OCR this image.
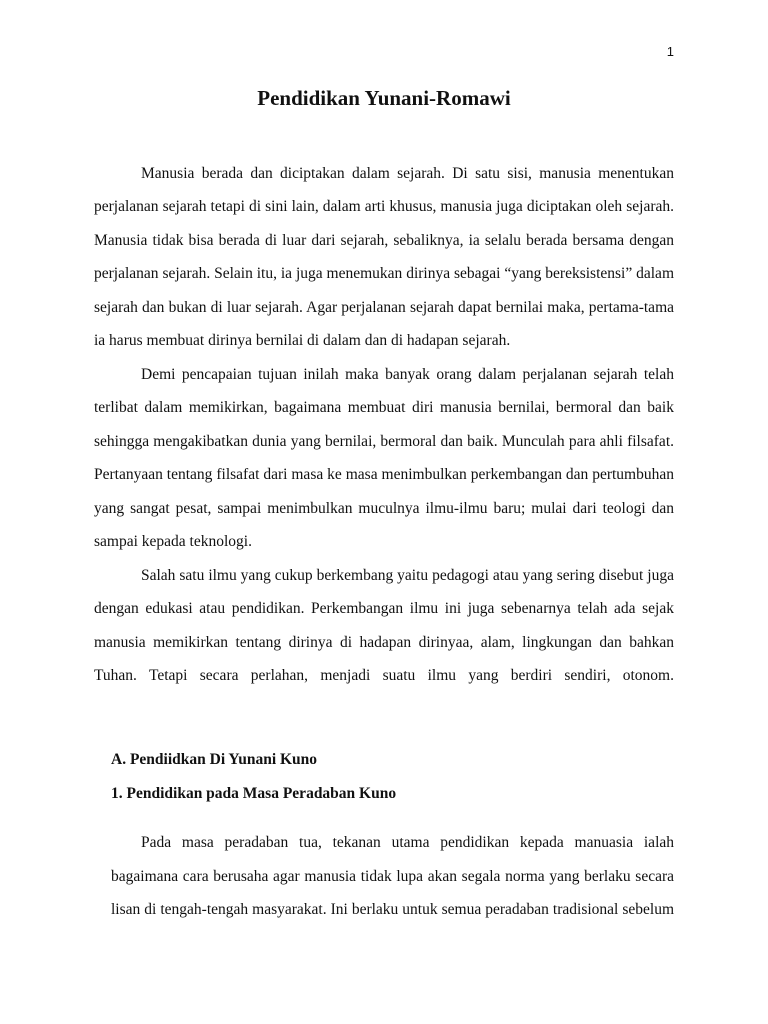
1
Pendidikan Yunani-Romawi
Manusia berada dan diciptakan dalam sejarah. Di satu sisi, manusia menentukan
perjalanan sejarah tetapi di sini lain, dalam arti khusus, manusia juga diciptakan oleh sejarah.
Manusia tidak bisa berada di luar dari sejarah, sebaliknya, ia selalu berada bersama dengan
perjalanan sejarah. Selain itu, ia juga menemukan dirinya sebagai “yang bereksistensi” dalam
sejarah dan bukan di luar sejarah. Agar perjalanan sejarah dapat bernilai maka, pertama-tama
ia harus membuat dirinya bernilai di dalam dan di hadapan sejarah.
Demi pencapaian tujuan inilah maka banyak orang dalam perjalanan sejarah telah
terlibat dalam memikirkan, bagaimana membuat diri manusia bernilai, bermoral dan baik
sehingga mengakibatkan dunia yang bernilai, bermoral dan baik. Munculah para ahli filsafat.
Pertanyaan tentang filsafat dari masa ke masa menimbulkan perkembangan dan pertumbuhan
yang sangat pesat, sampai menimbulkan muculnya ilmu-ilmu baru; mulai dari teologi dan
sampai kepada teknologi.
Salah satu ilmu yang cukup berkembang yaitu pedagogi atau yang sering disebut juga
dengan edukasi atau pendidikan. Perkembangan ilmu ini juga sebenarnya telah ada sejak
manusia memikirkan tentang dirinya di hadapan dirinyaa, alam, lingkungan dan bahkan
Tuhan. Tetapi secara perlahan, menjadi suatu ilmu yang berdiri sendiri, otonom.
A. Pendiidkan Di Yunani Kuno
1. Pendidikan pada Masa Peradaban Kuno
Pada masa peradaban tua, tekanan utama pendidikan kepada manuasia ialah
bagaimana cara berusaha agar manusia tidak lupa akan segala norma yang berlaku secara
lisan di tengah-tengah masyarakat. Ini berlaku untuk semua peradaban tradisional sebelum
